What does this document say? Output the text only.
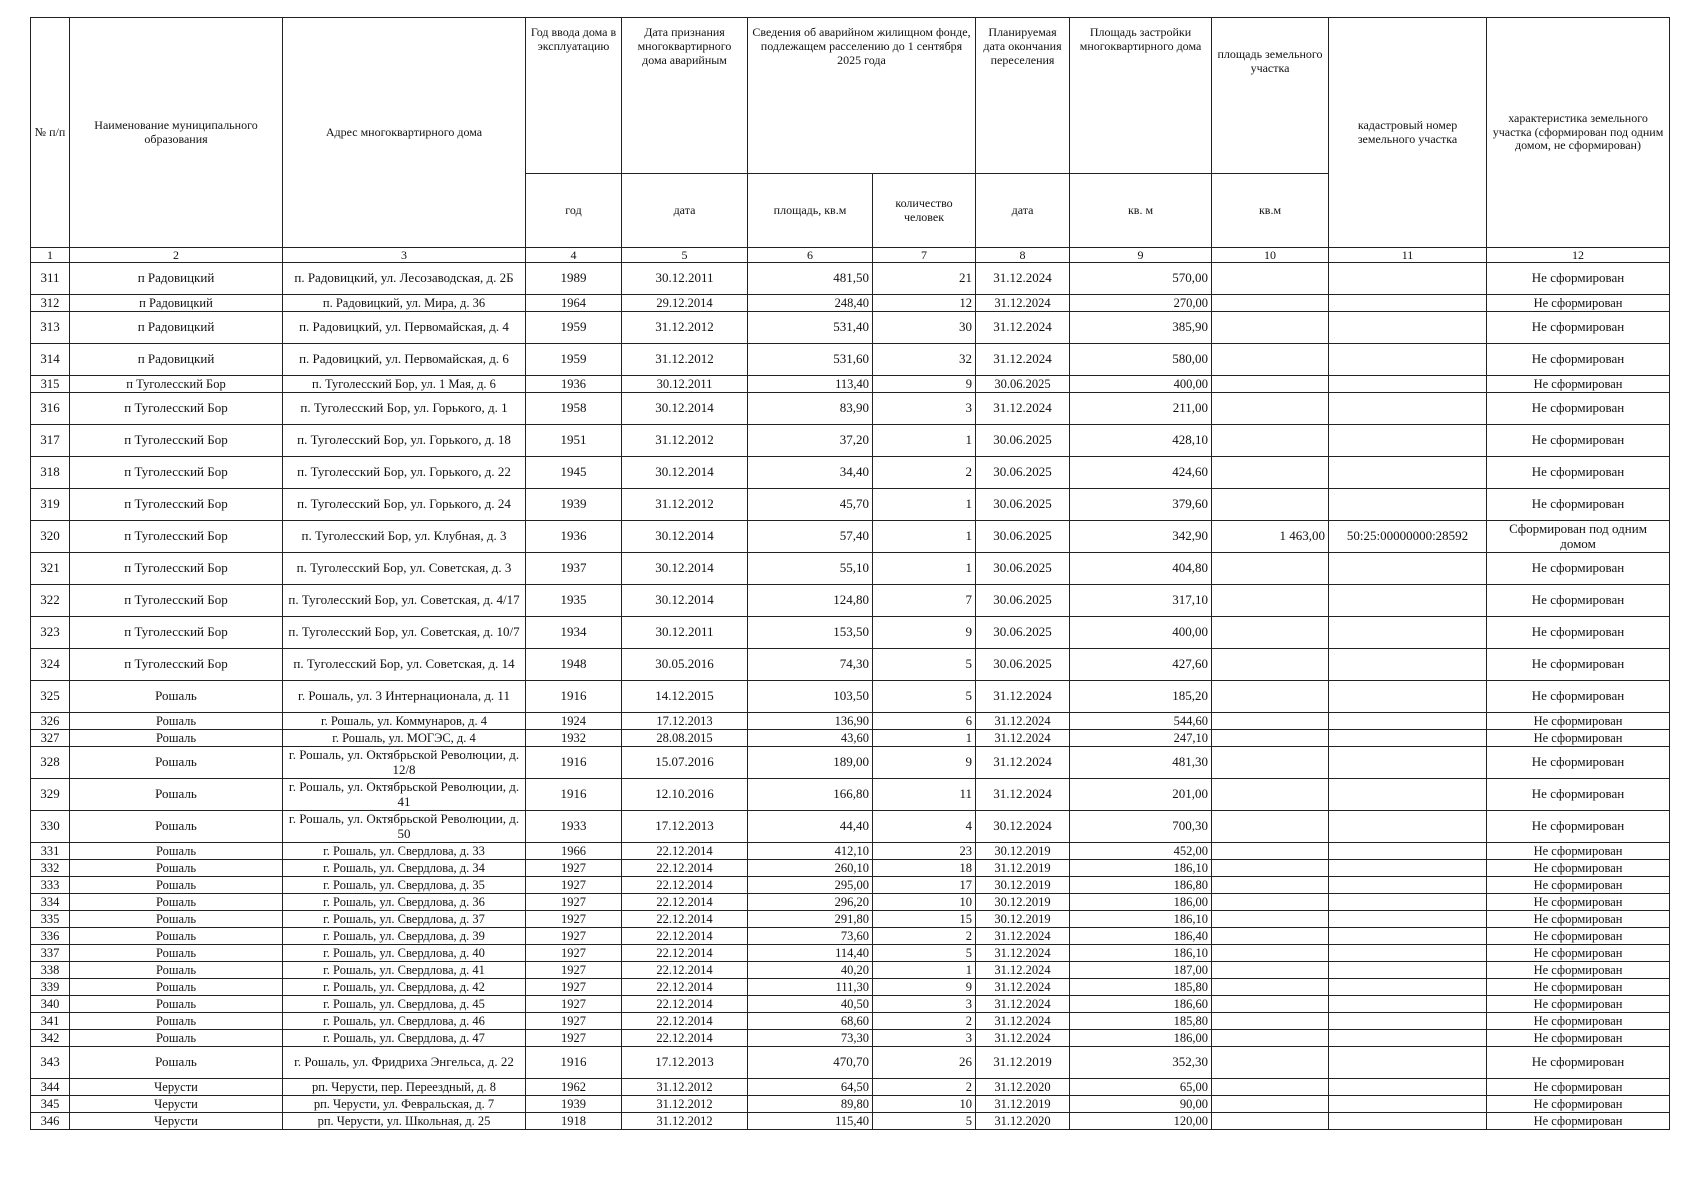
№ п/п	Наименование муниципального образования	Адрес многоквартирного дома	Год ввода дома в эксплуатацию	Дата признания многоквартирного дома аварийным	Сведения об аварийном жилищном фонде, подлежащем расселению до 1 сентября 2025 года		Планируемая дата окончания переселения	Площадь застройки многоквартирного дома	площадь земельного участка	кадастровый номер земельного участка	характеристика земельного участка (сформирован под одним домом, не сформирован)
			год	дата	площадь, кв.м	количество человек	дата	кв. м	кв.м		
1	2	3	4	5	6	7	8	9	10	11	12
311	п Радовицкий	п. Радовицкий, ул. Лесозаводская, д. 2Б	1989	30.12.2011	481,50	21	31.12.2024	570,00			Не сформирован
312	п Радовицкий	п. Радовицкий, ул. Мира, д. 36	1964	29.12.2014	248,40	12	31.12.2024	270,00			Не сформирован
313	п Радовицкий	п. Радовицкий, ул. Первомайская, д. 4	1959	31.12.2012	531,40	30	31.12.2024	385,90			Не сформирован
314	п Радовицкий	п. Радовицкий, ул. Первомайская, д. 6	1959	31.12.2012	531,60	32	31.12.2024	580,00			Не сформирован
315	п Туголесский Бор	п. Туголесский Бор, ул. 1 Мая, д. 6	1936	30.12.2011	113,40	9	30.06.2025	400,00			Не сформирован
316	п Туголесский Бор	п. Туголесский Бор, ул. Горького, д. 1	1958	30.12.2014	83,90	3	31.12.2024	211,00			Не сформирован
317	п Туголесский Бор	п. Туголесский Бор, ул. Горького, д. 18	1951	31.12.2012	37,20	1	30.06.2025	428,10			Не сформирован
318	п Туголесский Бор	п. Туголесский Бор, ул. Горького, д. 22	1945	30.12.2014	34,40	2	30.06.2025	424,60			Не сформирован
319	п Туголесский Бор	п. Туголесский Бор, ул. Горького, д. 24	1939	31.12.2012	45,70	1	30.06.2025	379,60			Не сформирован
320	п Туголесский Бор	п. Туголесский Бор, ул. Клубная, д. 3	1936	30.12.2014	57,40	1	30.06.2025	342,90	1 463,00	50:25:00000000:28592	Сформирован под одним домом
321	п Туголесский Бор	п. Туголесский Бор, ул. Советская, д. 3	1937	30.12.2014	55,10	1	30.06.2025	404,80			Не сформирован
322	п Туголесский Бор	п. Туголесский Бор, ул. Советская, д. 4/17	1935	30.12.2014	124,80	7	30.06.2025	317,10			Не сформирован
323	п Туголесский Бор	п. Туголесский Бор, ул. Советская, д. 10/7	1934	30.12.2011	153,50	9	30.06.2025	400,00			Не сформирован
324	п Туголесский Бор	п. Туголесский Бор, ул. Советская, д. 14	1948	30.05.2016	74,30	5	30.06.2025	427,60			Не сформирован
325	Рошаль	г. Рошаль, ул. 3 Интернационала, д. 11	1916	14.12.2015	103,50	5	31.12.2024	185,20			Не сформирован
326	Рошаль	г. Рошаль, ул. Коммунаров, д. 4	1924	17.12.2013	136,90	6	31.12.2024	544,60			Не сформирован
327	Рошаль	г. Рошаль, ул. МОГЭС, д. 4	1932	28.08.2015	43,60	1	31.12.2024	247,10			Не сформирован
328	Рошаль	г. Рошаль, ул. Октябрьской Революции, д. 12/8	1916	15.07.2016	189,00	9	31.12.2024	481,30			Не сформирован
329	Рошаль	г. Рошаль, ул. Октябрьской Революции, д. 41	1916	12.10.2016	166,80	11	31.12.2024	201,00			Не сформирован
330	Рошаль	г. Рошаль, ул. Октябрьской Революции, д. 50	1933	17.12.2013	44,40	4	30.12.2024	700,30			Не сформирован
331	Рошаль	г. Рошаль, ул. Свердлова, д. 33	1966	22.12.2014	412,10	23	30.12.2019	452,00			Не сформирован
332	Рошаль	г. Рошаль, ул. Свердлова, д. 34	1927	22.12.2014	260,10	18	31.12.2019	186,10			Не сформирован
333	Рошаль	г. Рошаль, ул. Свердлова, д. 35	1927	22.12.2014	295,00	17	30.12.2019	186,80			Не сформирован
334	Рошаль	г. Рошаль, ул. Свердлова, д. 36	1927	22.12.2014	296,20	10	30.12.2019	186,00			Не сформирован
335	Рошаль	г. Рошаль, ул. Свердлова, д. 37	1927	22.12.2014	291,80	15	30.12.2019	186,10			Не сформирован
336	Рошаль	г. Рошаль, ул. Свердлова, д. 39	1927	22.12.2014	73,60	2	31.12.2024	186,40			Не сформирован
337	Рошаль	г. Рошаль, ул. Свердлова, д. 40	1927	22.12.2014	114,40	5	31.12.2024	186,10			Не сформирован
338	Рошаль	г. Рошаль, ул. Свердлова, д. 41	1927	22.12.2014	40,20	1	31.12.2024	187,00			Не сформирован
339	Рошаль	г. Рошаль, ул. Свердлова, д. 42	1927	22.12.2014	111,30	9	31.12.2024	185,80			Не сформирован
340	Рошаль	г. Рошаль, ул. Свердлова, д. 45	1927	22.12.2014	40,50	3	31.12.2024	186,60			Не сформирован
341	Рошаль	г. Рошаль, ул. Свердлова, д. 46	1927	22.12.2014	68,60	2	31.12.2024	185,80			Не сформирован
342	Рошаль	г. Рошаль, ул. Свердлова, д. 47	1927	22.12.2014	73,30	3	31.12.2024	186,00			Не сформирован
343	Рошаль	г. Рошаль, ул. Фридриха Энгельса, д. 22	1916	17.12.2013	470,70	26	31.12.2019	352,30			Не сформирован
344	Черусти	рп. Черусти, пер. Переездный, д. 8	1962	31.12.2012	64,50	2	31.12.2020	65,00			Не сформирован
345	Черусти	рп. Черусти, ул. Февральская, д. 7	1939	31.12.2012	89,80	10	31.12.2019	90,00			Не сформирован
346	Черусти	рп. Черусти, ул. Школьная, д. 25	1918	31.12.2012	115,40	5	31.12.2020	120,00			Не сформирован
